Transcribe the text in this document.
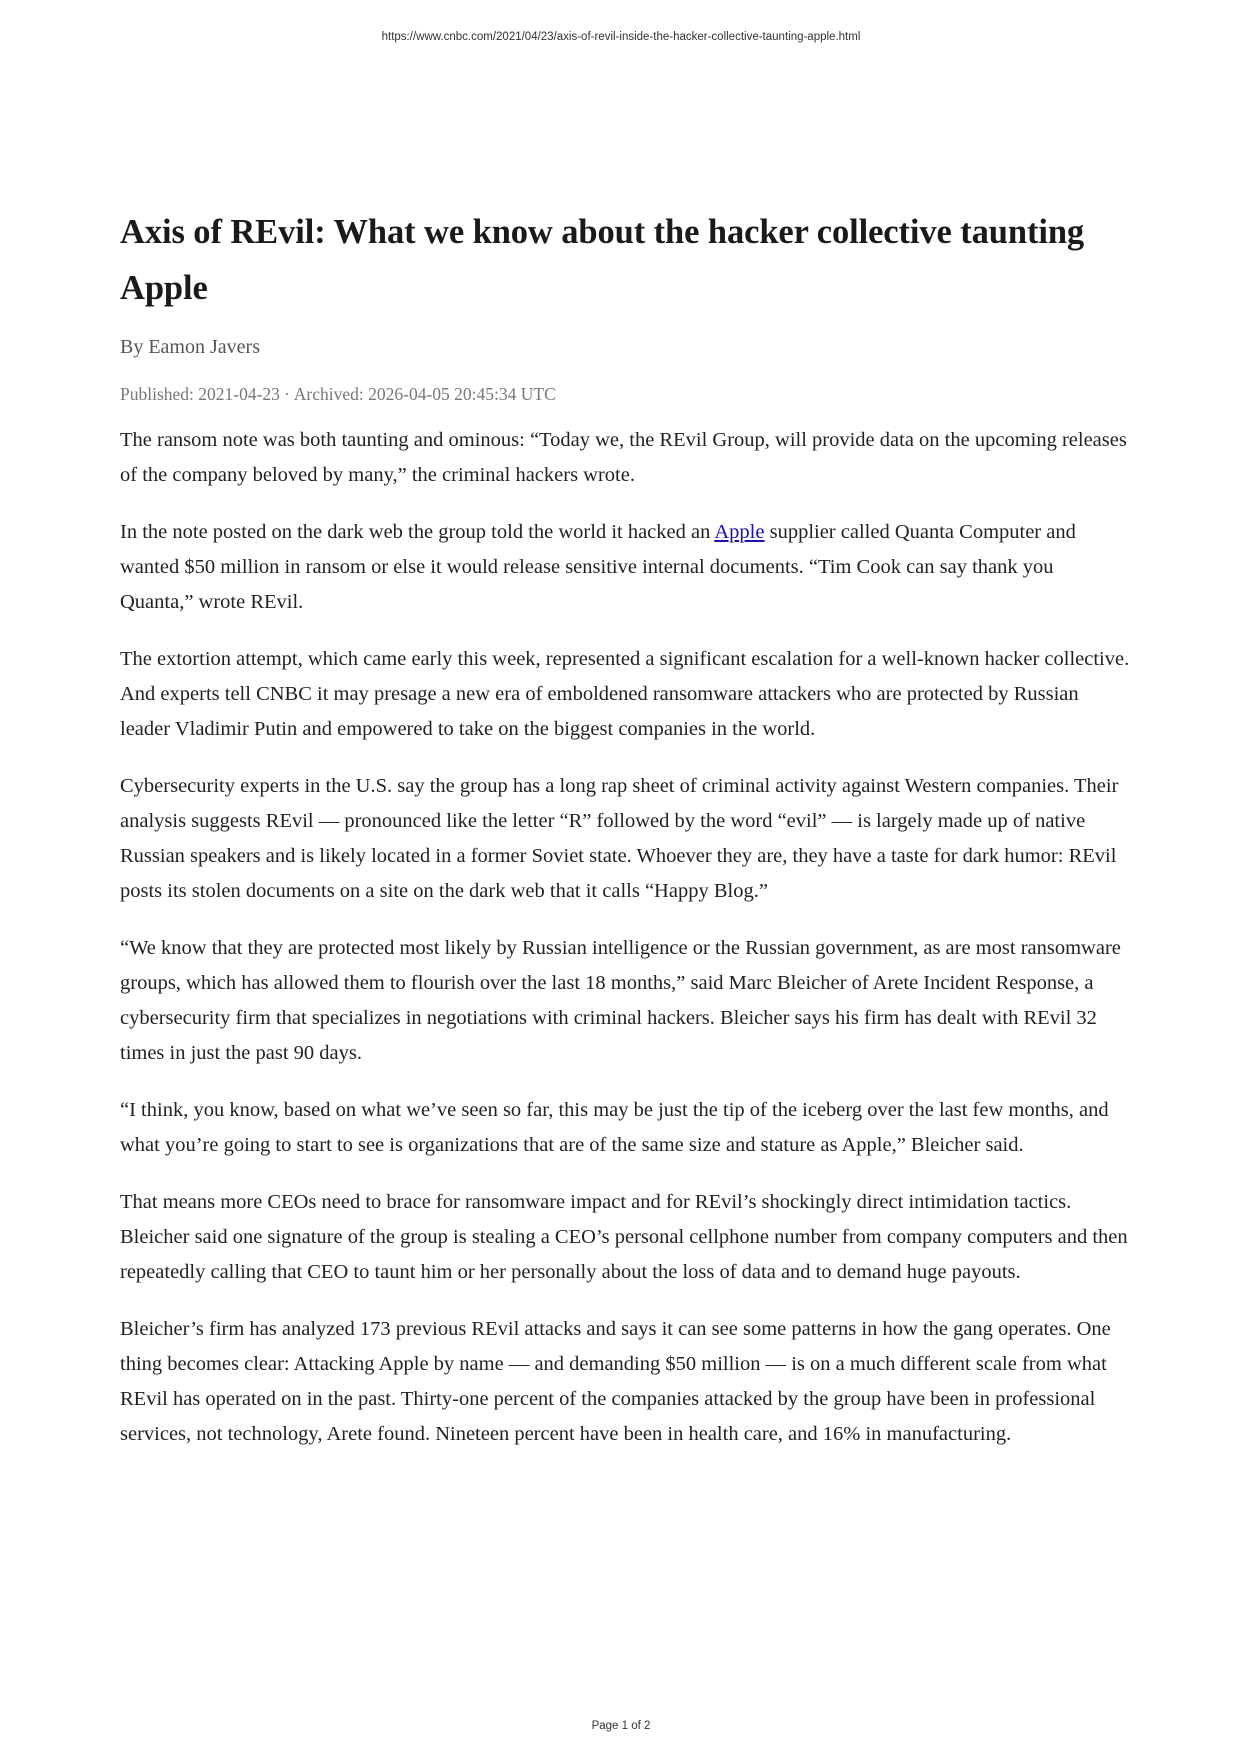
https://www.cnbc.com/2021/04/23/axis-of-revil-inside-the-hacker-collective-taunting-apple.html
Axis of REvil: What we know about the hacker collective taunting Apple
By Eamon Javers
Published: 2021-04-23 · Archived: 2026-04-05 20:45:34 UTC

The ransom note was both taunting and ominous: “Today we, the REvil Group, will provide data on the upcoming releases of the company beloved by many,” the criminal hackers wrote.

In the note posted on the dark web the group told the world it hacked an Apple supplier called Quanta Computer and wanted $50 million in ransom or else it would release sensitive internal documents. “Tim Cook can say thank you Quanta,” wrote REvil.

The extortion attempt, which came early this week, represented a significant escalation for a well-known hacker collective. And experts tell CNBC it may presage a new era of emboldened ransomware attackers who are protected by Russian leader Vladimir Putin and empowered to take on the biggest companies in the world.

Cybersecurity experts in the U.S. say the group has a long rap sheet of criminal activity against Western companies. Their analysis suggests REvil — pronounced like the letter “R” followed by the word “evil” — is largely made up of native Russian speakers and is likely located in a former Soviet state. Whoever they are, they have a taste for dark humor: REvil posts its stolen documents on a site on the dark web that it calls “Happy Blog.”

“We know that they are protected most likely by Russian intelligence or the Russian government, as are most ransomware groups, which has allowed them to flourish over the last 18 months,” said Marc Bleicher of Arete Incident Response, a cybersecurity firm that specializes in negotiations with criminal hackers. Bleicher says his firm has dealt with REvil 32 times in just the past 90 days.

“I think, you know, based on what we’ve seen so far, this may be just the tip of the iceberg over the last few months, and what you’re going to start to see is organizations that are of the same size and stature as Apple,” Bleicher said.

That means more CEOs need to brace for ransomware impact and for REvil’s shockingly direct intimidation tactics. Bleicher said one signature of the group is stealing a CEO’s personal cellphone number from company computers and then repeatedly calling that CEO to taunt him or her personally about the loss of data and to demand huge payouts.

Bleicher’s firm has analyzed 173 previous REvil attacks and says it can see some patterns in how the gang operates. One thing becomes clear: Attacking Apple by name — and demanding $50 million — is on a much different scale from what REvil has operated on in the past. Thirty-one percent of the companies attacked by the group have been in professional services, not technology, Arete found. Nineteen percent have been in health care, and 16% in manufacturing.

Page 1 of 2
